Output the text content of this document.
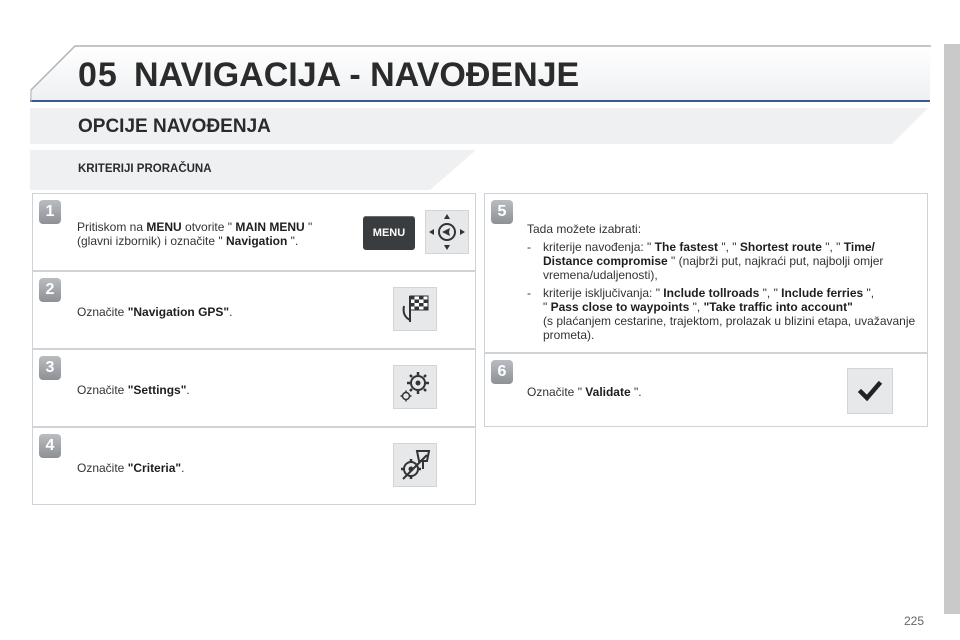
05 NAVIGACIJA - NAVOĐENJE
OPCIJE NAVOĐENJA
KRITERIJI PRORAČUNA
1
Pritiskom na MENU otvorite " MAIN MENU "
(glavni izbornik) i označite " Navigation ".
MENU
2
Označite "Navigation GPS".
3
Označite "Settings".
4
Označite "Criteria".
5
Tada možete izabrati:
- kriterije navođenja: " The fastest ", " Shortest route ", " Time/
Distance compromise " (najbrži put, najkraći put, najbolji omjer vremena/udaljenosti),
- kriterije isključivanja: " Include tollroads ", " Include ferries ",
" Pass close to waypoints ", "Take traffic into account"
(s plaćanjem cestarine, trajektom, prolazak u blizini etapa, uvažavanje prometa).
6
Označite " Validate ".
225
